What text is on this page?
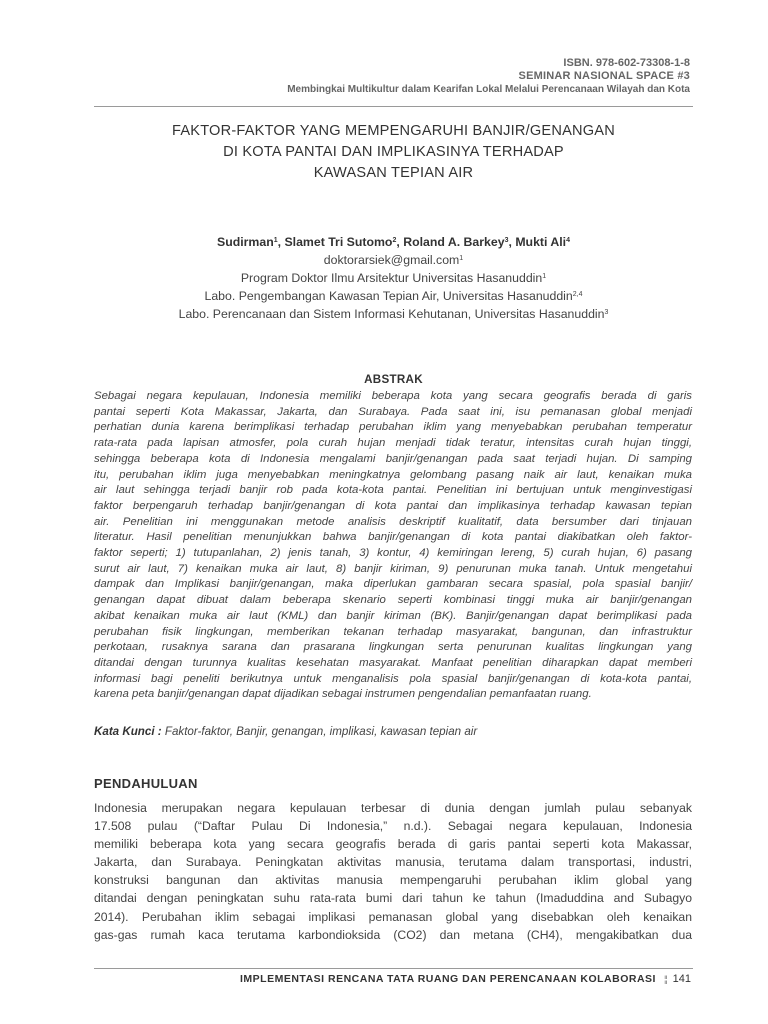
ISBN. 978-602-73308-1-8
SEMINAR NASIONAL SPACE #3
Membingkai Multikultur dalam Kearifan Lokal Melalui Perencanaan Wilayah dan Kota
FAKTOR-FAKTOR YANG MEMPENGARUHI BANJIR/GENANGAN
DI KOTA PANTAI DAN IMPLIKASINYA TERHADAP
KAWASAN TEPIAN AIR
Sudirman$^1$, Slamet Tri Sutomo$^2$, Roland A. Barkey$^3$, Mukti Ali$^4$
doktorarsiek@gmail.com$^1$
Program Doktor Ilmu Arsitektur Universitas Hasanuddin$^1$
Labo. Pengembangan Kawasan Tepian Air, Universitas Hasanuddin$^{2,4}$
Labo. Perencanaan dan Sistem Informasi Kehutanan, Universitas Hasanuddin$^3$
ABSTRAK
Sebagai negara kepulauan, Indonesia memiliki beberapa kota yang secara geografis berada di garis
pantai seperti Kota Makassar, Jakarta, dan Surabaya. Pada saat ini, isu pemanasan global menjadi
perhatian dunia karena berimplikasi terhadap perubahan iklim yang menyebabkan perubahan temperatur
rata-rata pada lapisan atmosfer, pola curah hujan menjadi tidak teratur, intensitas curah hujan tinggi,
sehingga beberapa kota di Indonesia mengalami banjir/genangan pada saat terjadi hujan. Di samping
itu, perubahan iklim juga menyebabkan meningkatnya gelombang pasang naik air laut, kenaikan muka
air laut sehingga terjadi banjir rob pada kota-kota pantai. Penelitian ini bertujuan untuk menginvestigasi
faktor berpengaruh terhadap banjir/genangan di kota pantai dan implikasinya terhadap kawasan tepian
air. Penelitian ini menggunakan metode analisis deskriptif kualitatif, data bersumber dari tinjauan
literatur. Hasil penelitian menunjukkan bahwa banjir/genangan di kota pantai diakibatkan oleh faktor-
faktor seperti; 1) tutupanlahan, 2) jenis tanah, 3) kontur, 4) kemiringan lereng, 5) curah hujan, 6) pasang
surut air laut, 7) kenaikan muka air laut, 8) banjir kiriman, 9) penurunan muka tanah. Untuk mengetahui
dampak dan Implikasi banjir/genangan, maka diperlukan gambaran secara spasial, pola spasial banjir/
genangan dapat dibuat dalam beberapa skenario seperti kombinasi tinggi muka air banjir/genangan
akibat kenaikan muka air laut (KML) dan banjir kiriman (BK). Banjir/genangan dapat berimplikasi pada
perubahan fisik lingkungan, memberikan tekanan terhadap masyarakat, bangunan, dan infrastruktur
perkotaan, rusaknya sarana dan prasarana lingkungan serta penurunan kualitas lingkungan yang
ditandai dengan turunnya kualitas kesehatan masyarakat. Manfaat penelitian diharapkan dapat memberi
informasi bagi peneliti berikutnya untuk menganalisis pola spasial banjir/genangan di kota-kota pantai,
karena peta banjir/genangan dapat dijadikan sebagai instrumen pengendalian pemanfaatan ruang.
Kata Kunci : Faktor-faktor, Banjir, genangan, implikasi, kawasan tepian air
PENDAHULUAN
Indonesia merupakan negara kepulauan terbesar di dunia dengan jumlah pulau sebanyak
17.508 pulau (“Daftar Pulau Di Indonesia,” n.d.). Sebagai negara kepulauan, Indonesia
memiliki beberapa kota yang secara geografis berada di garis pantai seperti kota Makassar,
Jakarta, dan Surabaya. Peningkatan aktivitas manusia, terutama dalam transportasi, industri,
konstruksi bangunan dan aktivitas manusia mempengaruhi perubahan iklim global yang
ditandai dengan peningkatan suhu rata-rata bumi dari tahun ke tahun (Imaduddina and Subagyo
2014). Perubahan iklim sebagai implikasi pemanasan global yang disebabkan oleh kenaikan
gas-gas rumah kaca terutama karbondioksida (CO2) dan metana (CH4), mengakibatkan dua
IMPLEMENTASI RENCANA TATA RUANG DAN PERENCANAAN KOLABORASI ¦¦ 141
